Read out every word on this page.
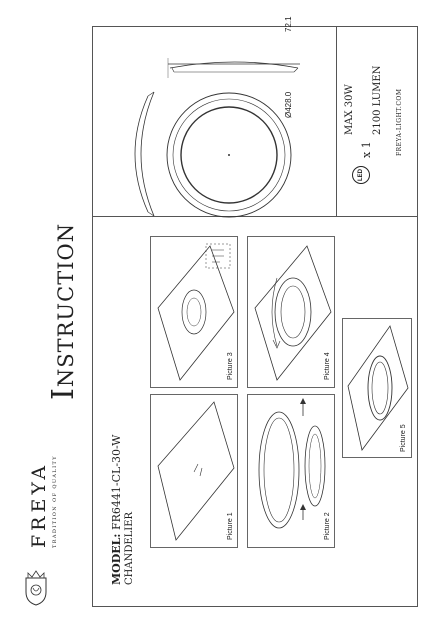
FREYA TRADITION OF QUALITY
Instruction
MODEL: FR6441-CL-30-W
CHANDELIER
72.1
Ø428.0
LED
x 1
MAX 30W 2100 LUMEN FREYA-LIGHT.COM
Picture 1	Picture 2
Picture 3	Picture 4
Picture 5
